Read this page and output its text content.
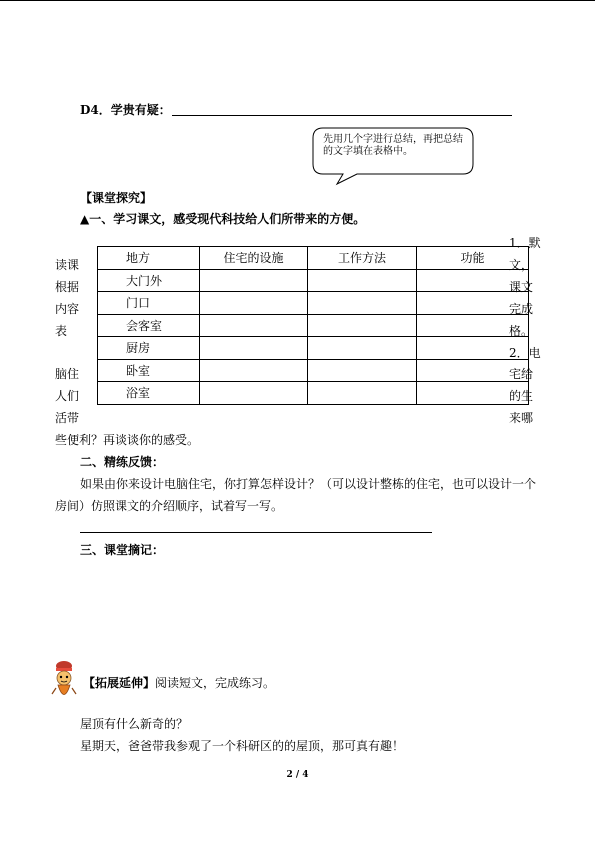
D4．学贵有疑：
先用几个字进行总结，再把总结的文字填在表格中。
【课堂探究】
▲一、学习课文，感受现代科技给人们所带来的方便。
读课
根据
内容
表
脑住
人们
活带
1．默
文，
课文
完成
格。
2．电
宅给
的生
来哪
地方	住宅的设施	工作方法	功能
大门外			
门口			
会客室			
厨房			
卧室			
浴室			
些便利？再谈谈你的感受。
二、精练反馈：
如果由你来设计电脑住宅，你打算怎样设计？（可以设计整栋的住宅，也可以设计一个
房间）仿照课文的介绍顺序，试着写一写。
三、课堂摘记：
【拓展延伸】阅读短文，完成练习。
屋顶有什么新奇的？
星期天，爸爸带我参观了一个科研区的的屋顶，那可真有趣！
2 / 4
